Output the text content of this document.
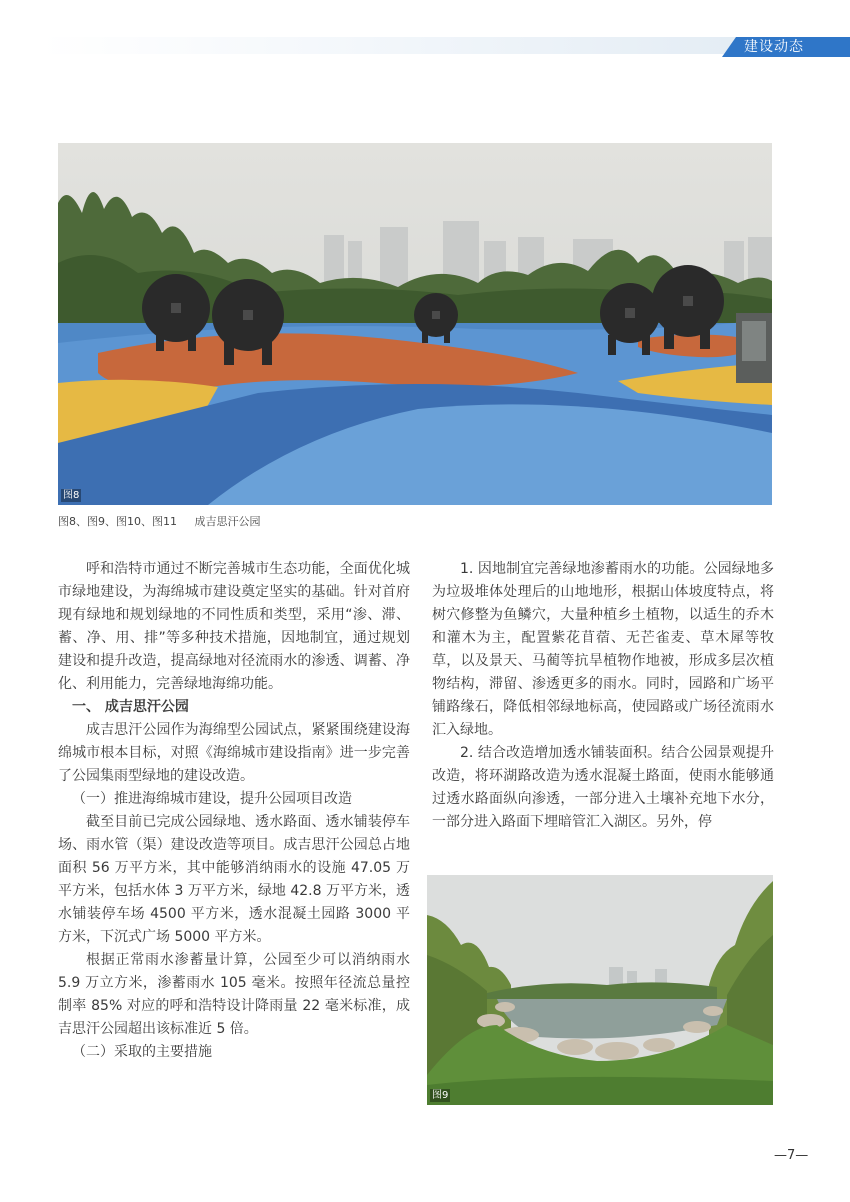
建设动态
图8
图8、图9、图10、图11     成吉思汗公园

呼和浩特市通过不断完善城市生态功能，全面优化城市绿地建设，为海绵城市建设奠定坚实的基础。针对首府现有绿地和规划绿地的不同性质和类型，采用“渗、滞、蓄、净、用、排”等多种技术措施，因地制宜，通过规划建设和提升改造，提高绿地对径流雨水的渗透、调蓄、净化、利用能力，完善绿地海绵功能。

一、 成吉思汗公园

成吉思汗公园作为海绵型公园试点，紧紧围绕建设海绵城市根本目标，对照《海绵城市建设指南》进一步完善了公园集雨型绿地的建设改造。

（一）推进海绵城市建设，提升公园项目改造

截至目前已完成公园绿地、透水路面、透水铺装停车场、雨水管（渠）建设改造等项目。成吉思汗公园总占地面积 56 万平方米，其中能够消纳雨水的设施 47.05 万平方米，包括水体 3 万平方米，绿地 42.8 万平方米，透水铺装停车场 4500 平方米，透水混凝土园路 3000 平方米，下沉式广场 5000 平方米。

根据正常雨水渗蓄量计算，公园至少可以消纳雨水 5.9 万立方米，渗蓄雨水 105 毫米。按照年径流总量控制率 85% 对应的呼和浩特设计降雨量 22 毫米标准，成吉思汗公园超出该标准近 5 倍。

（二）采取的主要措施

1. 因地制宜完善绿地渗蓄雨水的功能。公园绿地多为垃圾堆体处理后的山地地形，根据山体坡度特点，将树穴修整为鱼鳞穴，大量种植乡土植物，以适生的乔木和灌木为主，配置紫花苜蓿、无芒雀麦、草木犀等牧草，以及景天、马蔺等抗旱植物作地被，形成多层次植物结构，滞留、渗透更多的雨水。同时，园路和广场平铺路缘石，降低相邻绿地标高，使园路或广场径流雨水汇入绿地。

2. 结合改造增加透水铺装面积。结合公园景观提升改造，将环湖路改造为透水混凝土路面，使雨水能够通过透水路面纵向渗透，一部分进入土壤补充地下水分，一部分进入路面下埋暗管汇入湖区。另外，停

图9
—7—
